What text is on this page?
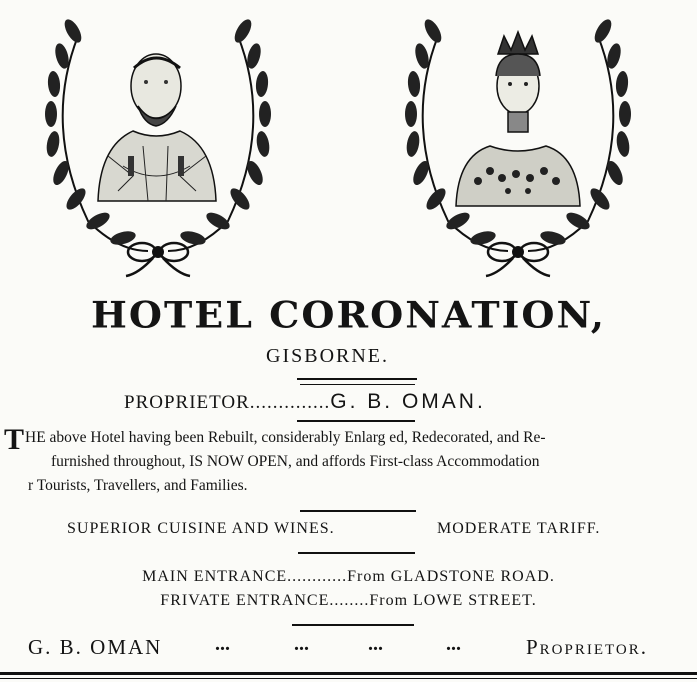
HOTEL CORONATION,
GISBORNE.
PROPRIETOR..............G. B. OMAN.
T HE above Hotel having been Rebuilt, considerably Enlarg ed, Redecorated, and Re-
furnished throughout, IS NOW OPEN, and affords First-class Accommodation
r Tourists, Travellers, and Families.
SUPERIOR CUISINE AND WINES.	MODERATE TARIFF.
MAIN ENTRANCE............From GLADSTONE ROAD.
FRIVATE ENTRANCE........From LOWE STREET.
G. B. OMAN	...	...	...	...	Proprietor.
